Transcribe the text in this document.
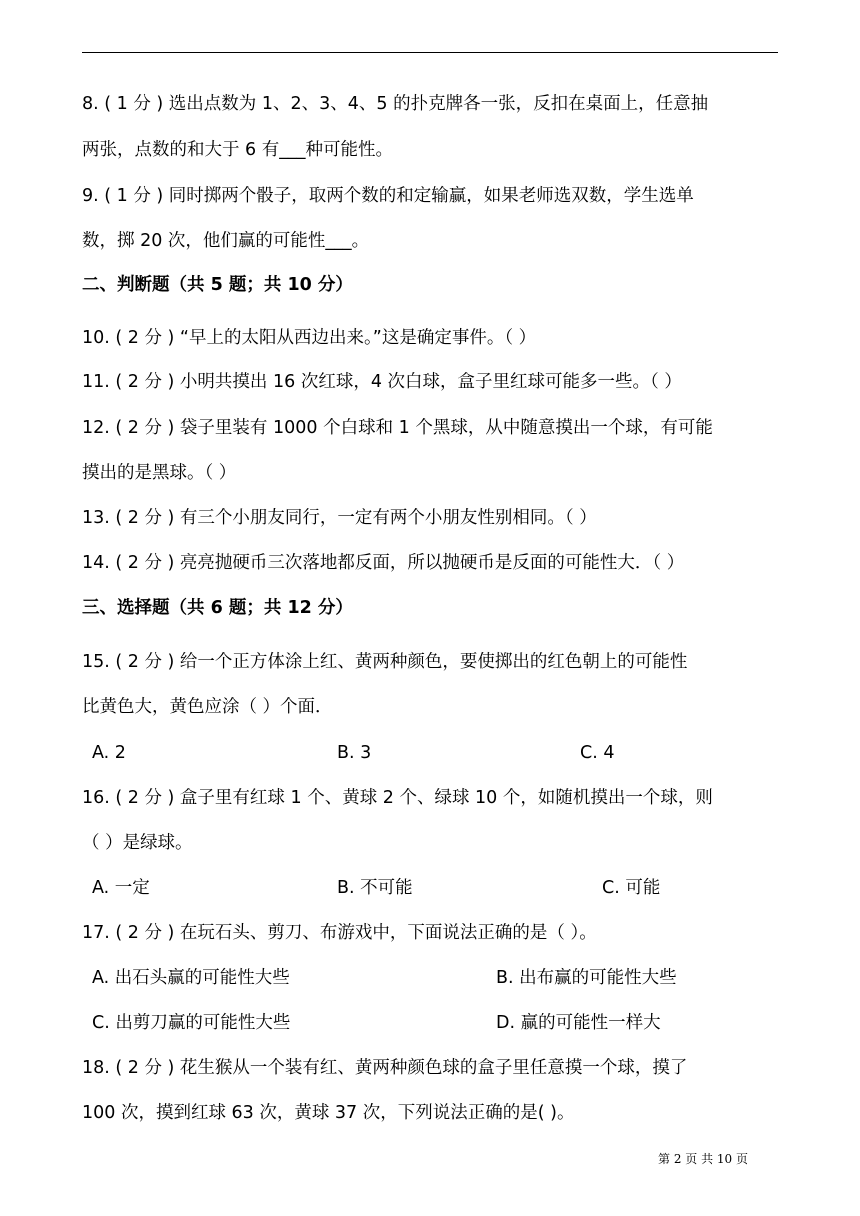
8. ( 1 分 ) 选出点数为 1、2、3、4、5 的扑克牌各一张，反扣在桌面上，任意抽
两张，点数的和大于 6 有___种可能性。
9. ( 1 分 ) 同时掷两个骰子，取两个数的和定输赢，如果老师选双数，学生选单
数，掷 20 次，他们赢的可能性___。
二、判断题（共 5 题；共 10 分）
10. ( 2 分 ) “早上的太阳从西边出来。”这是确定事件。（ ）
11. ( 2 分 ) 小明共摸出 16 次红球，4 次白球，盒子里红球可能多一些。（ ）
12. ( 2 分 ) 袋子里装有 1000 个白球和 1 个黑球，从中随意摸出一个球，有可能
摸出的是黑球。（ ）
13. ( 2 分 ) 有三个小朋友同行，一定有两个小朋友性别相同。（ ）
14. ( 2 分 ) 亮亮抛硬币三次落地都反面，所以抛硬币是反面的可能性大．（ ）
三、选择题（共 6 题；共 12 分）
15. ( 2 分 ) 给一个正方体涂上红、黄两种颜色，要使掷出的红色朝上的可能性
比黄色大，黄色应涂（ ）个面．
A. 2	B. 3	C. 4
16. ( 2 分 ) 盒子里有红球 1 个、黄球 2 个、绿球 10 个，如随机摸出一个球，则
（ ）是绿球。
A. 一定	B. 不可能	C. 可能
17. ( 2 分 ) 在玩石头、剪刀、布游戏中，下面说法正确的是（ ）。
A. 出石头赢的可能性大些	B. 出布赢的可能性大些
C. 出剪刀赢的可能性大些	D. 赢的可能性一样大
18. ( 2 分 ) 花生猴从一个装有红、黄两种颜色球的盒子里任意摸一个球，摸了
100 次，摸到红球 63 次，黄球 37 次，下列说法正确的是( )。
第 2 页 共 10 页
